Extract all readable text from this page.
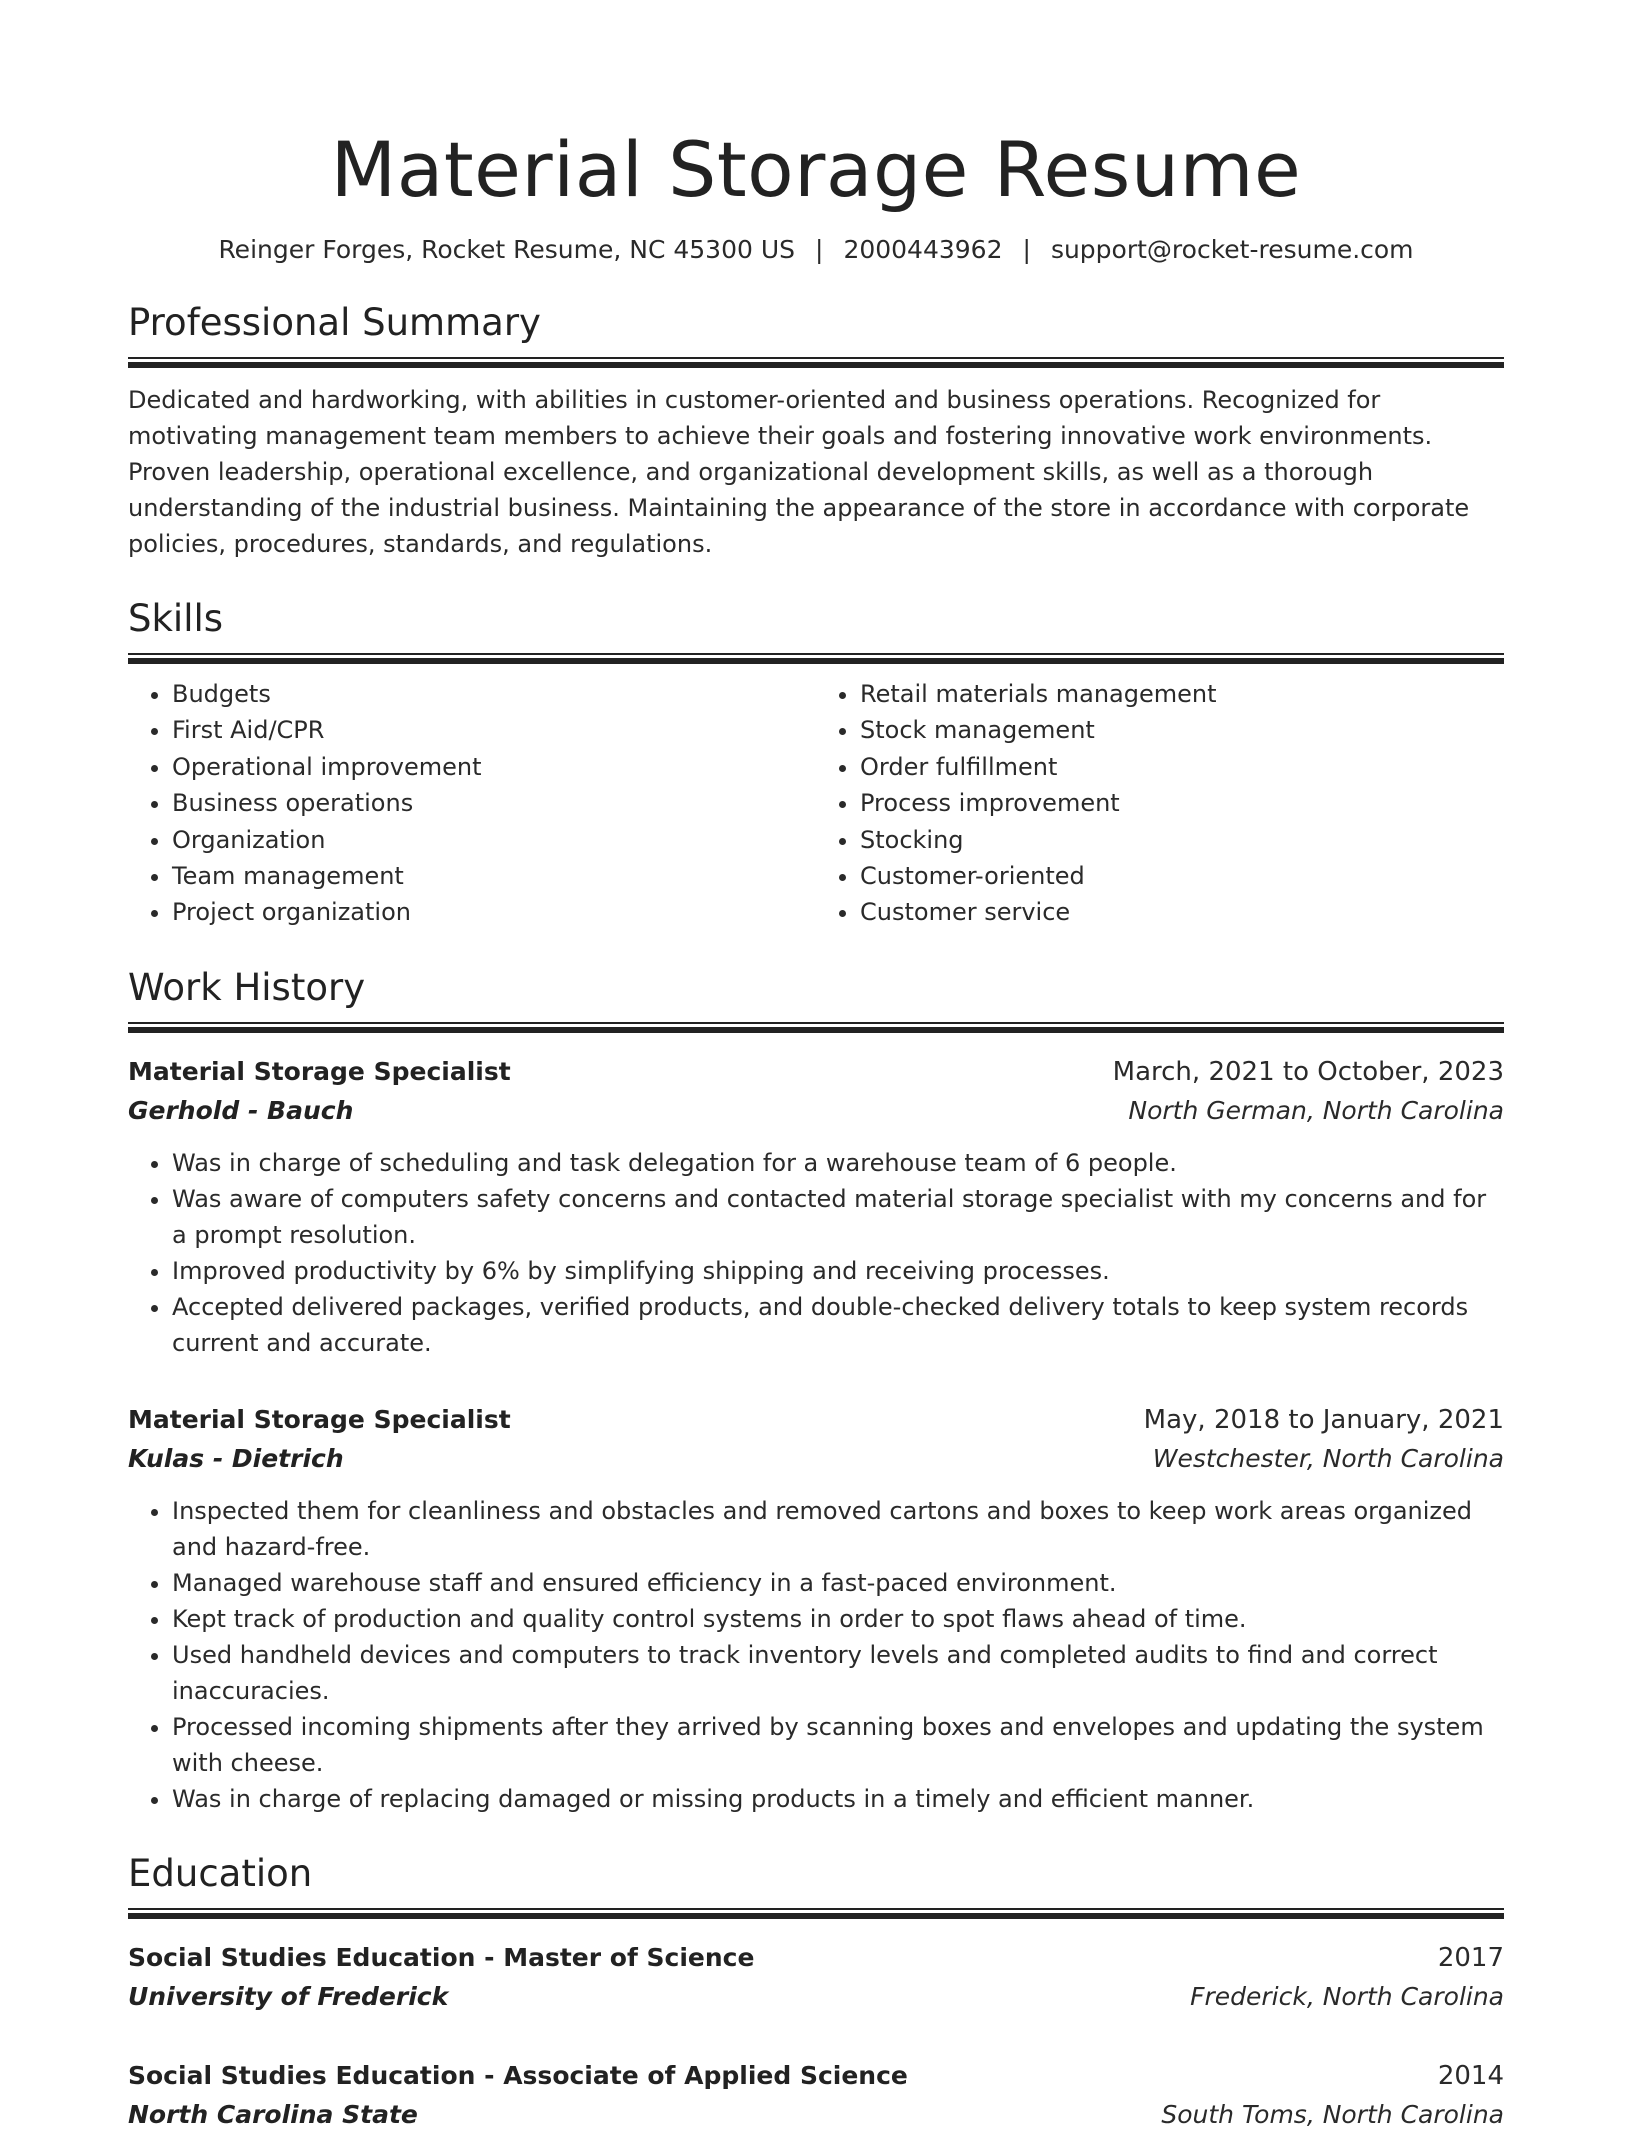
Material Storage Resume
Reinger Forges, Rocket Resume, NC 45300 US | 2000443962 | support@rocket-resume.com
Professional Summary
Dedicated and hardworking, with abilities in customer-oriented and business operations. Recognized for motivating management team members to achieve their goals and fostering innovative work environments. Proven leadership, operational excellence, and organizational development skills, as well as a thorough understanding of the industrial business. Maintaining the appearance of the store in accordance with corporate policies, procedures, standards, and regulations.
Skills
• Budgets
• First Aid/CPR
• Operational improvement
• Business operations
• Organization
• Team management
• Project organization
• Retail materials management
• Stock management
• Order fulfillment
• Process improvement
• Stocking
• Customer-oriented
• Customer service
Work History
Material Storage Specialist	March, 2021 to October, 2023
Gerhold - Bauch	North German, North Carolina
• Was in charge of scheduling and task delegation for a warehouse team of 6 people.
• Was aware of computers safety concerns and contacted material storage specialist with my concerns and for a prompt resolution.
• Improved productivity by 6% by simplifying shipping and receiving processes.
• Accepted delivered packages, verified products, and double-checked delivery totals to keep system records current and accurate.
Material Storage Specialist	May, 2018 to January, 2021
Kulas - Dietrich	Westchester, North Carolina
• Inspected them for cleanliness and obstacles and removed cartons and boxes to keep work areas organized and hazard-free.
• Managed warehouse staff and ensured efficiency in a fast-paced environment.
• Kept track of production and quality control systems in order to spot flaws ahead of time.
• Used handheld devices and computers to track inventory levels and completed audits to find and correct inaccuracies.
• Processed incoming shipments after they arrived by scanning boxes and envelopes and updating the system with cheese.
• Was in charge of replacing damaged or missing products in a timely and efficient manner.
Education
Social Studies Education - Master of Science	2017
University of Frederick	Frederick, North Carolina
Social Studies Education - Associate of Applied Science	2014
North Carolina State	South Toms, North Carolina
